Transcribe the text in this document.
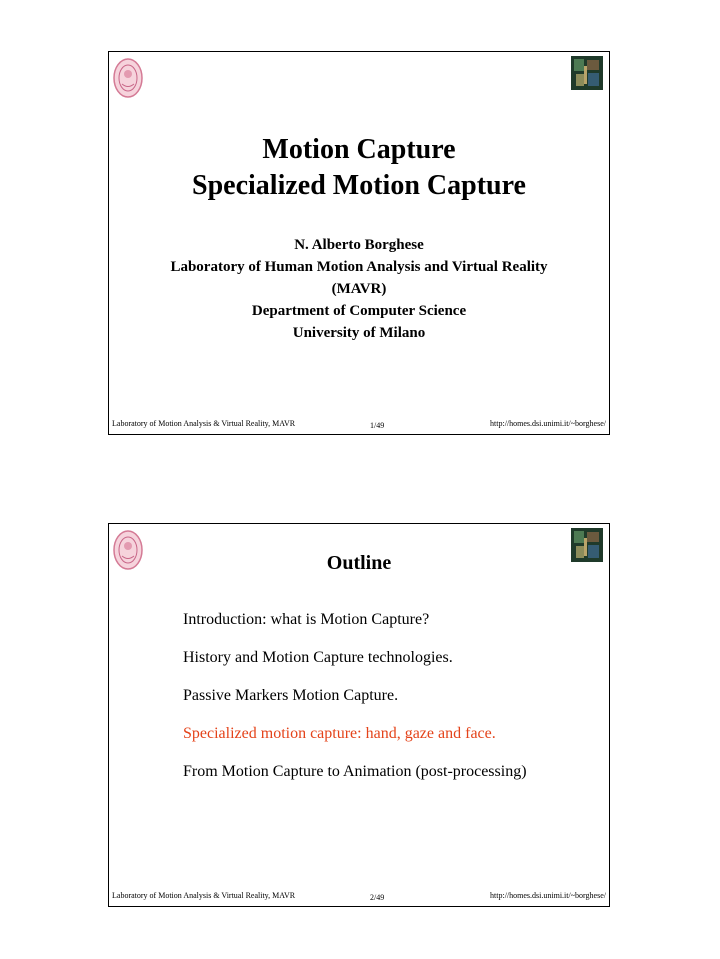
Motion Capture
Specialized Motion Capture
N. Alberto Borghese
Laboratory of Human Motion Analysis and Virtual Reality
(MAVR)
Department of Computer Science
University of Milano
Laboratory of Motion Analysis & Virtual Reality, MAVR	1/49	http://homes.dsi.unimi.it/~borghese/
Outline
Introduction: what is Motion Capture?
History and Motion Capture technologies.
Passive Markers Motion Capture.
Specialized motion capture: hand, gaze and face.
From Motion Capture to Animation (post-processing)
Laboratory of Motion Analysis & Virtual Reality, MAVR	2/49	http://homes.dsi.unimi.it/~borghese/
